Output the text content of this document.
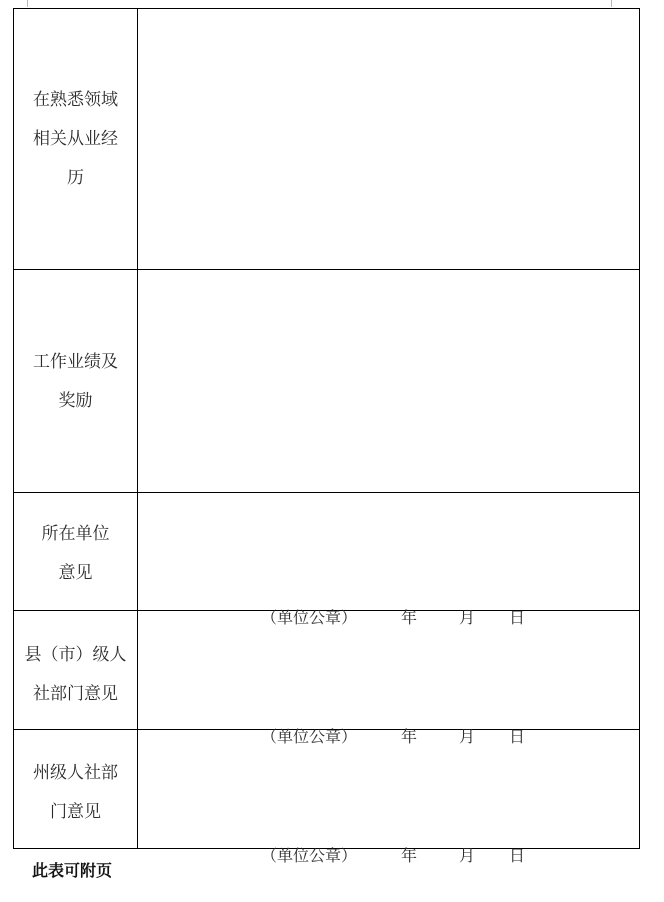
在熟悉领域
相关从业经
历	

工作业绩及
奖励	

所在单位
意见	（单位公章） 年 月 日

县（市）级人
社部门意见	（单位公章） 年 月 日

州级人社部
门意见	（单位公章） 年 月 日
此表可附页
